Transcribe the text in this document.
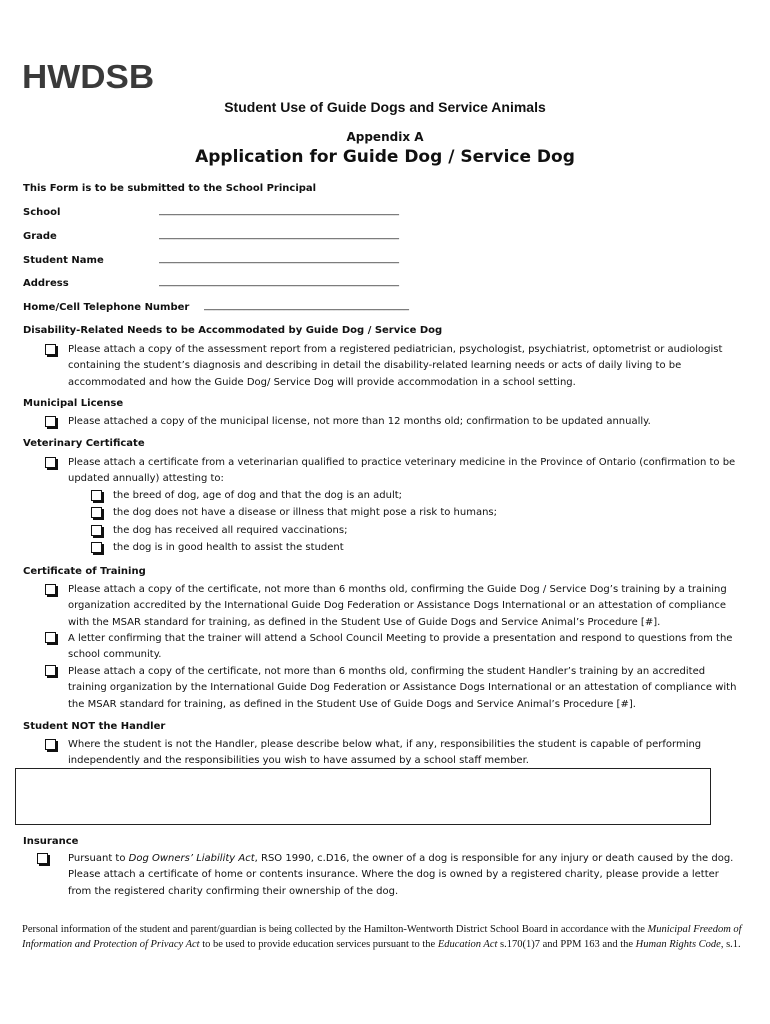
HWDSB
Student Use of Guide Dogs and Service Animals
Appendix A
Application for Guide Dog / Service Dog
This Form is to be submitted to the School Principal
School	________________________________________________
Grade	________________________________________________
Student Name	________________________________________________
Address	________________________________________________
Home/Cell Telephone Number _________________________________________
Disability-Related Needs to be Accommodated by Guide Dog / Service Dog
Please attach a copy of the assessment report from a registered pediatrician, psychologist, psychiatrist, optometrist or audiologist containing the student’s diagnosis and describing in detail the disability-related learning needs or acts of daily living to be accommodated and how the Guide Dog/ Service Dog will provide accommodation in a school setting.
Municipal License
Please attached a copy of the municipal license, not more than 12 months old; confirmation to be updated annually.
Veterinary Certificate
Please attach a certificate from a veterinarian qualified to practice veterinary medicine in the Province of Ontario (confirmation to be updated annually) attesting to:
the breed of dog, age of dog and that the dog is an adult;
the dog does not have a disease or illness that might pose a risk to humans;
the dog has received all required vaccinations;
the dog is in good health to assist the student
Certificate of Training
Please attach a copy of the certificate, not more than 6 months old, confirming the Guide Dog / Service Dog’s training by a training organization accredited by the International Guide Dog Federation or Assistance Dogs International or an attestation of compliance with the MSAR standard for training, as defined in the Student Use of Guide Dogs and Service Animal’s Procedure [#].
A letter confirming that the trainer will attend a School Council Meeting to provide a presentation and respond to questions from the school community.
Please attach a copy of the certificate, not more than 6 months old, confirming the student Handler’s training by an accredited training organization by the International Guide Dog Federation or Assistance Dogs International or an attestation of compliance with the MSAR standard for training, as defined in the Student Use of Guide Dogs and Service Animal’s Procedure [#].
Student NOT the Handler
Where the student is not the Handler, please describe below what, if any, responsibilities the student is capable of performing independently and the responsibilities you wish to have assumed by a school staff member.
Insurance
Pursuant to Dog Owners’ Liability Act, RSO 1990, c.D16, the owner of a dog is responsible for any injury or death caused by the dog. Please attach a certificate of home or contents insurance. Where the dog is owned by a registered charity, please provide a letter from the registered charity confirming their ownership of the dog.
Personal information of the student and parent/guardian is being collected by the Hamilton-Wentworth District School Board in accordance with the Municipal Freedom of Information and Protection of Privacy Act to be used to provide education services pursuant to the Education Act s.170(1)7 and PPM 163 and the Human Rights Code, s.1.
